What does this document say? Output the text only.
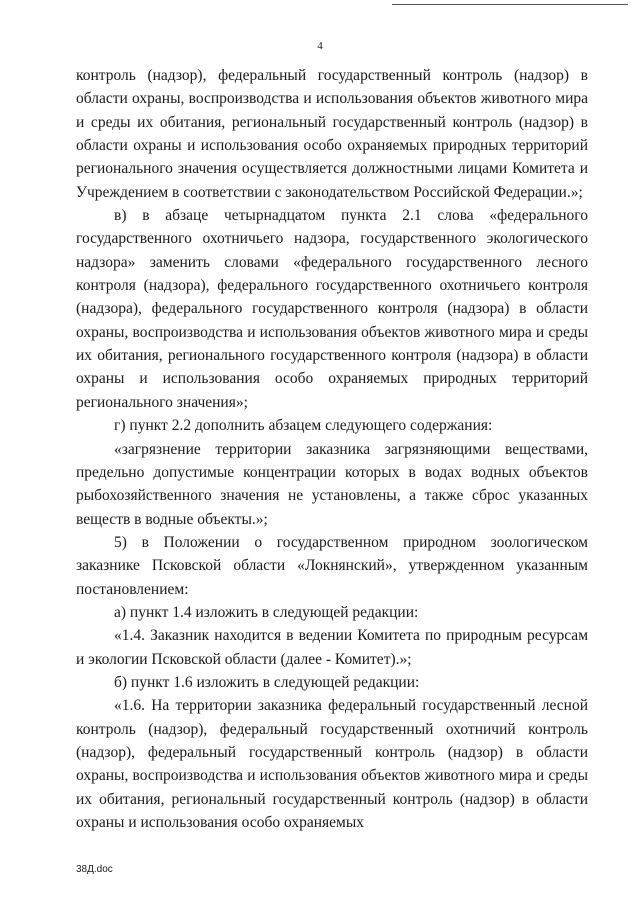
4

контроль (надзор), федеральный государственный контроль (надзор) в области охраны, воспроизводства и использования объектов животного мира и среды их обитания, региональный государственный контроль (надзор) в области охраны и использования особо охраняемых природных территорий регионального значения осуществляется должностными лицами Комитета и Учреждением в соответствии с законодательством Российской Федерации.»;

в) в абзаце четырнадцатом пункта 2.1 слова «федерального государственного охотничьего надзора, государственного экологического надзора» заменить словами «федерального государственного лесного контроля (надзора), федерального государственного охотничьего контроля (надзора), федерального государственного контроля (надзора) в области охраны, воспроизводства и использования объектов животного мира и среды их обитания, регионального государственного контроля (надзора) в области охраны и использования особо охраняемых природных территорий регионального значения»;

г) пункт 2.2 дополнить абзацем следующего содержания:

«загрязнение территории заказника загрязняющими веществами, предельно допустимые концентрации которых в водах водных объектов рыбохозяйственного значения не установлены, а также сброс указанных веществ в водные объекты.»;

5) в Положении о государственном природном зоологическом заказнике Псковской области «Локнянский», утвержденном указанным постановлением:

а) пункт 1.4 изложить в следующей редакции:

«1.4. Заказник находится в ведении Комитета по природным ресурсам и экологии Псковской области (далее - Комитет).»;

б) пункт 1.6 изложить в следующей редакции:

«1.6. На территории заказника федеральный государственный лесной контроль (надзор), федеральный государственный охотничий контроль (надзор), федеральный государственный контроль (надзор) в области охраны, воспроизводства и использования объектов животного мира и среды их обитания, региональный государственный контроль (надзор) в области охраны и использования особо охраняемых

38Д.doc
